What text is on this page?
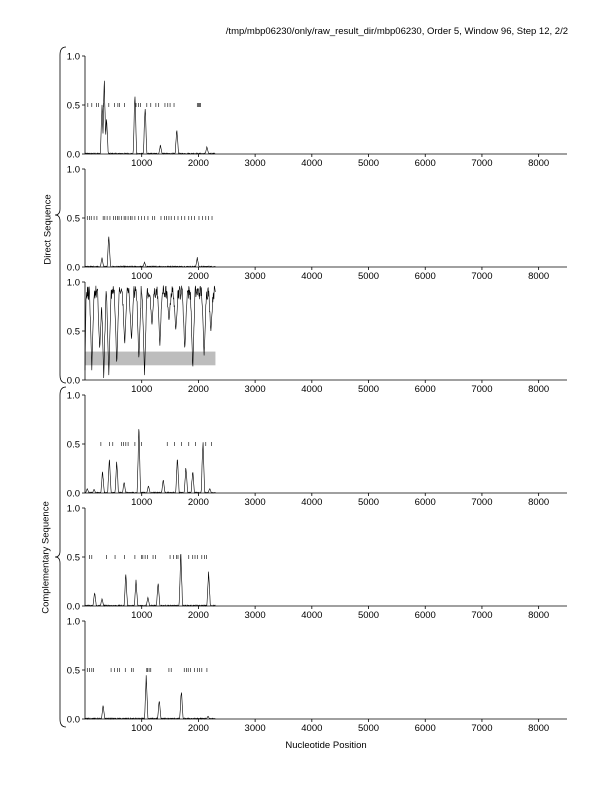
/tmp/mbp06230/only/raw_result_dir/mbp06230, Order 5, Window 96, Step 12, 2/2
Direct Sequence
Complementary Sequence
Nucleotide Position
0.0
0.5
1.0
1000	2000	3000	4000	5000	6000	7000	8000
0.0
0.5
1.0
1000	2000	3000	4000	5000	6000	7000	8000
0.0
0.5
1.0
1000	2000	3000	4000	5000	6000	7000	8000
0.0
0.5
1.0
1000	2000	3000	4000	5000	6000	7000	8000
0.0
0.5
1.0
1000	2000	3000	4000	5000	6000	7000	8000
0.0
0.5
1.0
1000	2000	3000	4000	5000	6000	7000	8000
